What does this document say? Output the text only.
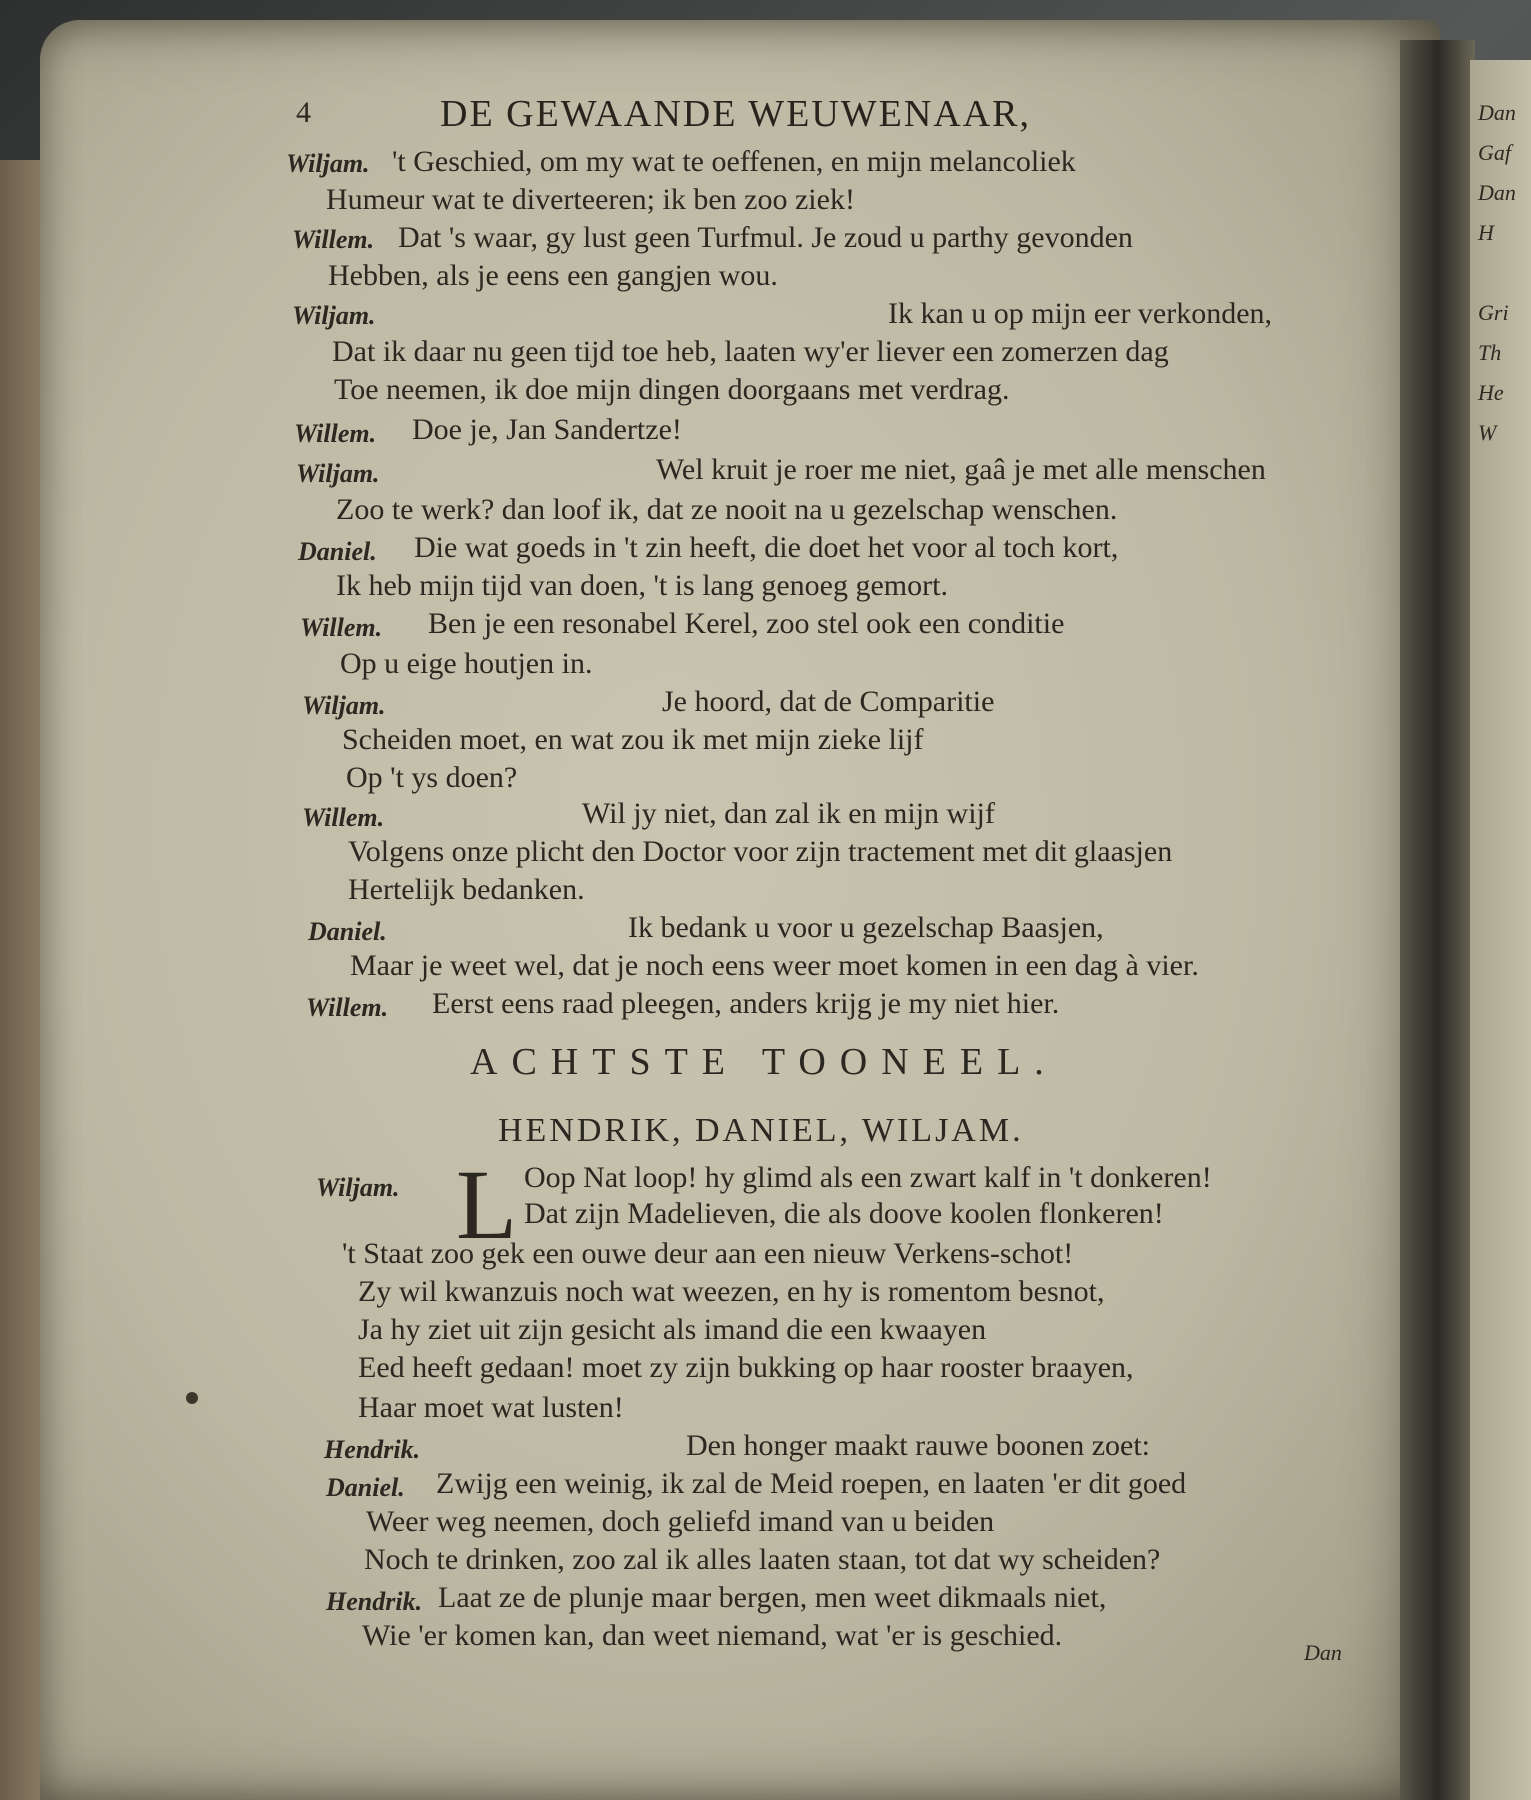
Dan
Gaf
Dan
H
Gri
Th
He
W
4	DE GEWAANDE WEUWENAAR,
Wiljam. 't Geschied, om my wat te oeffenen, en mijn melancoliek
Humeur wat te diverteeren; ik ben zoo ziek!
Willem. Dat 's waar, gy lust geen Turfmul. Je zoud u parthy gevonden
Hebben, als je eens een gangjen wou.
Wiljam.	Ik kan u op mijn eer verkonden,
Dat ik daar nu geen tijd toe heb, laaten wy'er liever een zomerzen dag
Toe neemen, ik doe mijn dingen doorgaans met verdrag.
Willem. Doe je, Jan Sandertze!
Wiljam.	Wel kruit je roer me niet, gaâ je met alle menschen
Zoo te werk? dan loof ik, dat ze nooit na u gezelschap wenschen.
Daniel. Die wat goeds in 't zin heeft, die doet het voor al toch kort,
Ik heb mijn tijd van doen, 't is lang genoeg gemort.
Willem. Ben je een resonabel Kerel, zoo stel ook een conditie
Op u eige houtjen in.
Wiljam.	Je hoord, dat de Comparitie
Scheiden moet, en wat zou ik met mijn zieke lijf
Op 't ys doen?
Willem.	Wil jy niet, dan zal ik en mijn wijf
Volgens onze plicht den Doctor voor zijn tractement met dit glaasjen
Hertelijk bedanken.
Daniel.	Ik bedank u voor u gezelschap Baasjen,
Maar je weet wel, dat je noch eens weer moet komen in een dag à vier.
Willem. Eerst eens raad pleegen, anders krijg je my niet hier.
ACHTSTE TOONEEL.
HENDRIK, DANIEL, WILJAM.
Wiljam. L Oop Nat loop! hy glimd als een zwart kalf in 't donkeren!
Dat zijn Madelieven, die als doove koolen flonkeren!
't Staat zoo gek een ouwe deur aan een nieuw Verkens-schot!
Zy wil kwanzuis noch wat weezen, en hy is romentom besnot,
Ja hy ziet uit zijn gesicht als imand die een kwaayen
Eed heeft gedaan! moet zy zijn bukking op haar rooster braayen,
Haar moet wat lusten!
Hendrik.	Den honger maakt rauwe boonen zoet:
Daniel. Zwijg een weinig, ik zal de Meid roepen, en laaten 'er dit goed
Weer weg neemen, doch geliefd imand van u beiden
Noch te drinken, zoo zal ik alles laaten staan, tot dat wy scheiden?
Hendrik. Laat ze de plunje maar bergen, men weet dikmaals niet,
Wie 'er komen kan, dan weet niemand, wat 'er is geschied.
Dan
